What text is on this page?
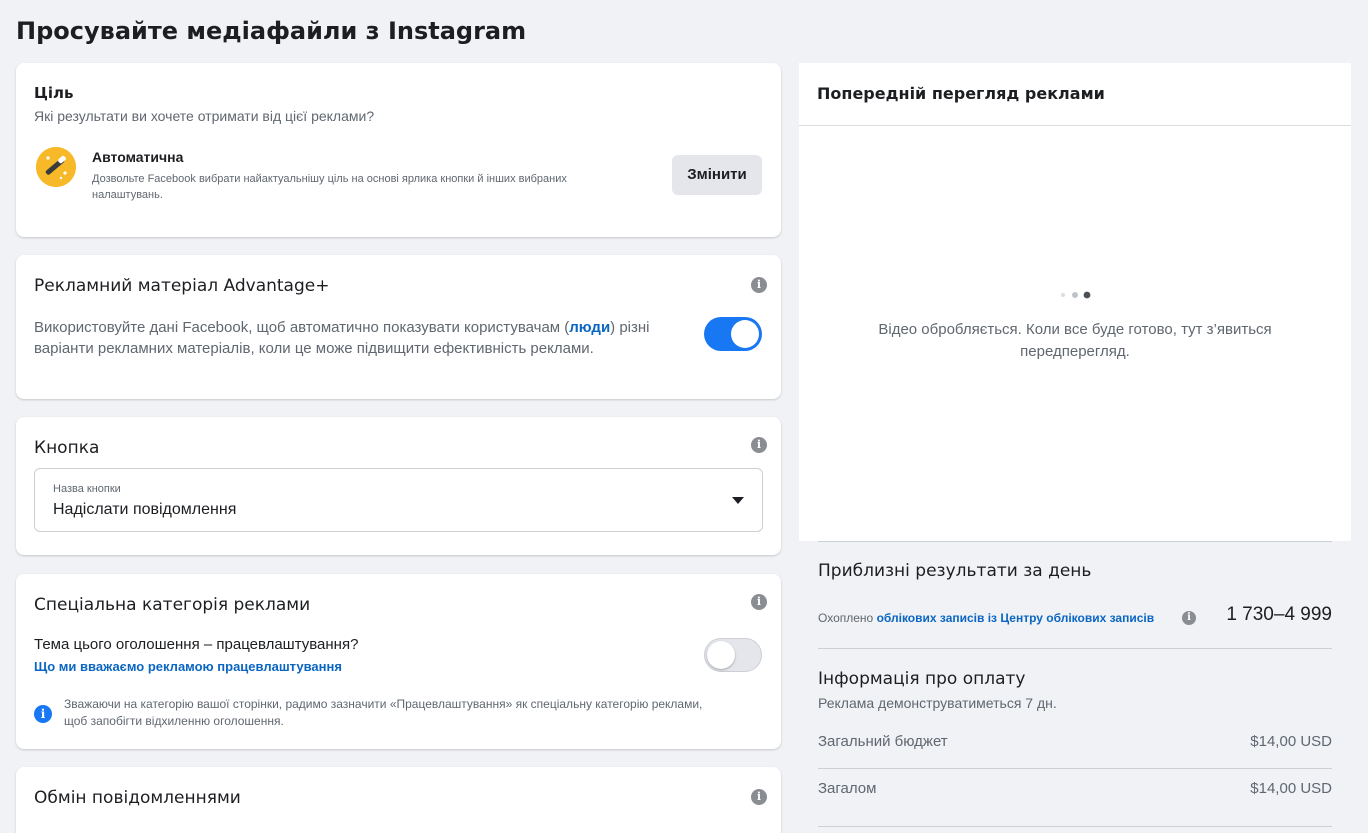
Просувайте медіафайли з Instagram
Ціль
Які результати ви хочете отримати від цієї реклами?
Автоматична
Дозвольте Facebook вибрати найактуальнішу ціль на основі ярлика кнопки й інших вибраних налаштувань.
Змінити
Рекламний матеріал Advantage+	i
Використовуйте дані Facebook, щоб автоматично показувати користувачам (люди) різні варіанти рекламних матеріалів, коли це може підвищити ефективність реклами.
Кнопка	i
Назва кнопки
Надіслати повідомлення
Спеціальна категорія реклами	i
Тема цього оголошення – працевлаштування?
Що ми вважаємо рекламою працевлаштування
i
Зважаючи на категорію вашої сторінки, радимо зазначити «Працевлаштування» як спеціальну категорію реклами, щоб запобігти відхиленню оголошення.
Обмін повідомленнями	i
Попередній перегляд реклами
Відео обробляється. Коли все буде готово, тут з’явиться передперегляд.
Приблизні результати за день
Охоплено облікових записів із Центру облікових записів	i 1 730–4 999
Інформація про оплату
Реклама демонструватиметься 7 дн.
Загальний бюджет	$14,00 USD
Загалом	$14,00 USD
